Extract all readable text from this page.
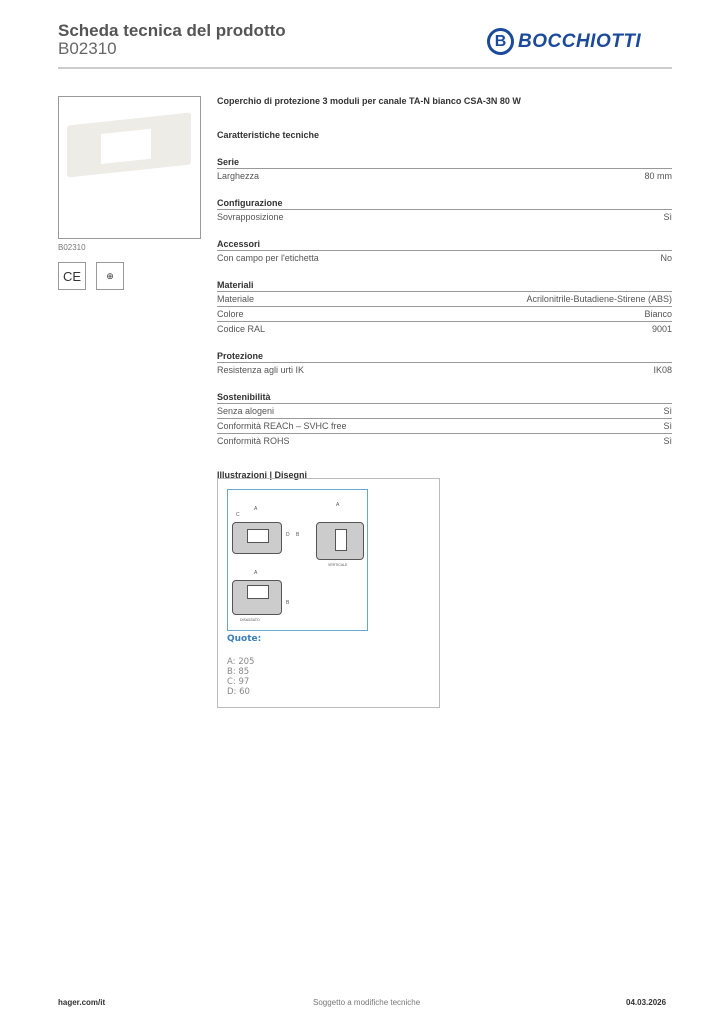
Scheda tecnica del prodotto
B02310	B BOCCHIOTTI
B02310
CE	⊕
Coperchio di protezione 3 moduli per canale TA-N bianco CSA-3N 80 W
Caratteristiche tecniche
Serie
Larghezza	80 mm
Configurazione
Sovrapposizione	Sì
Accessori
Con campo per l'etichetta	No
Materiali
Materiale	Acrilonitrile-Butadiene-Stirene (ABS)
Colore	Bianco
Codice RAL	9001
Protezione
Resistenza agli urti IK	IK08
Sostenibilità
Senza alogeni	Sì
Conformità REACh – SVHC free	Sì
Conformità ROHS	Sì
Illustrazioni | Disegni
A
C
A
B
D
VERTICALE
A
B
DISASSATO
Quote:
A: 205
B: 85
C: 97
D: 60
hager.com/it	Soggetto a modifiche tecniche	04.03.2026
